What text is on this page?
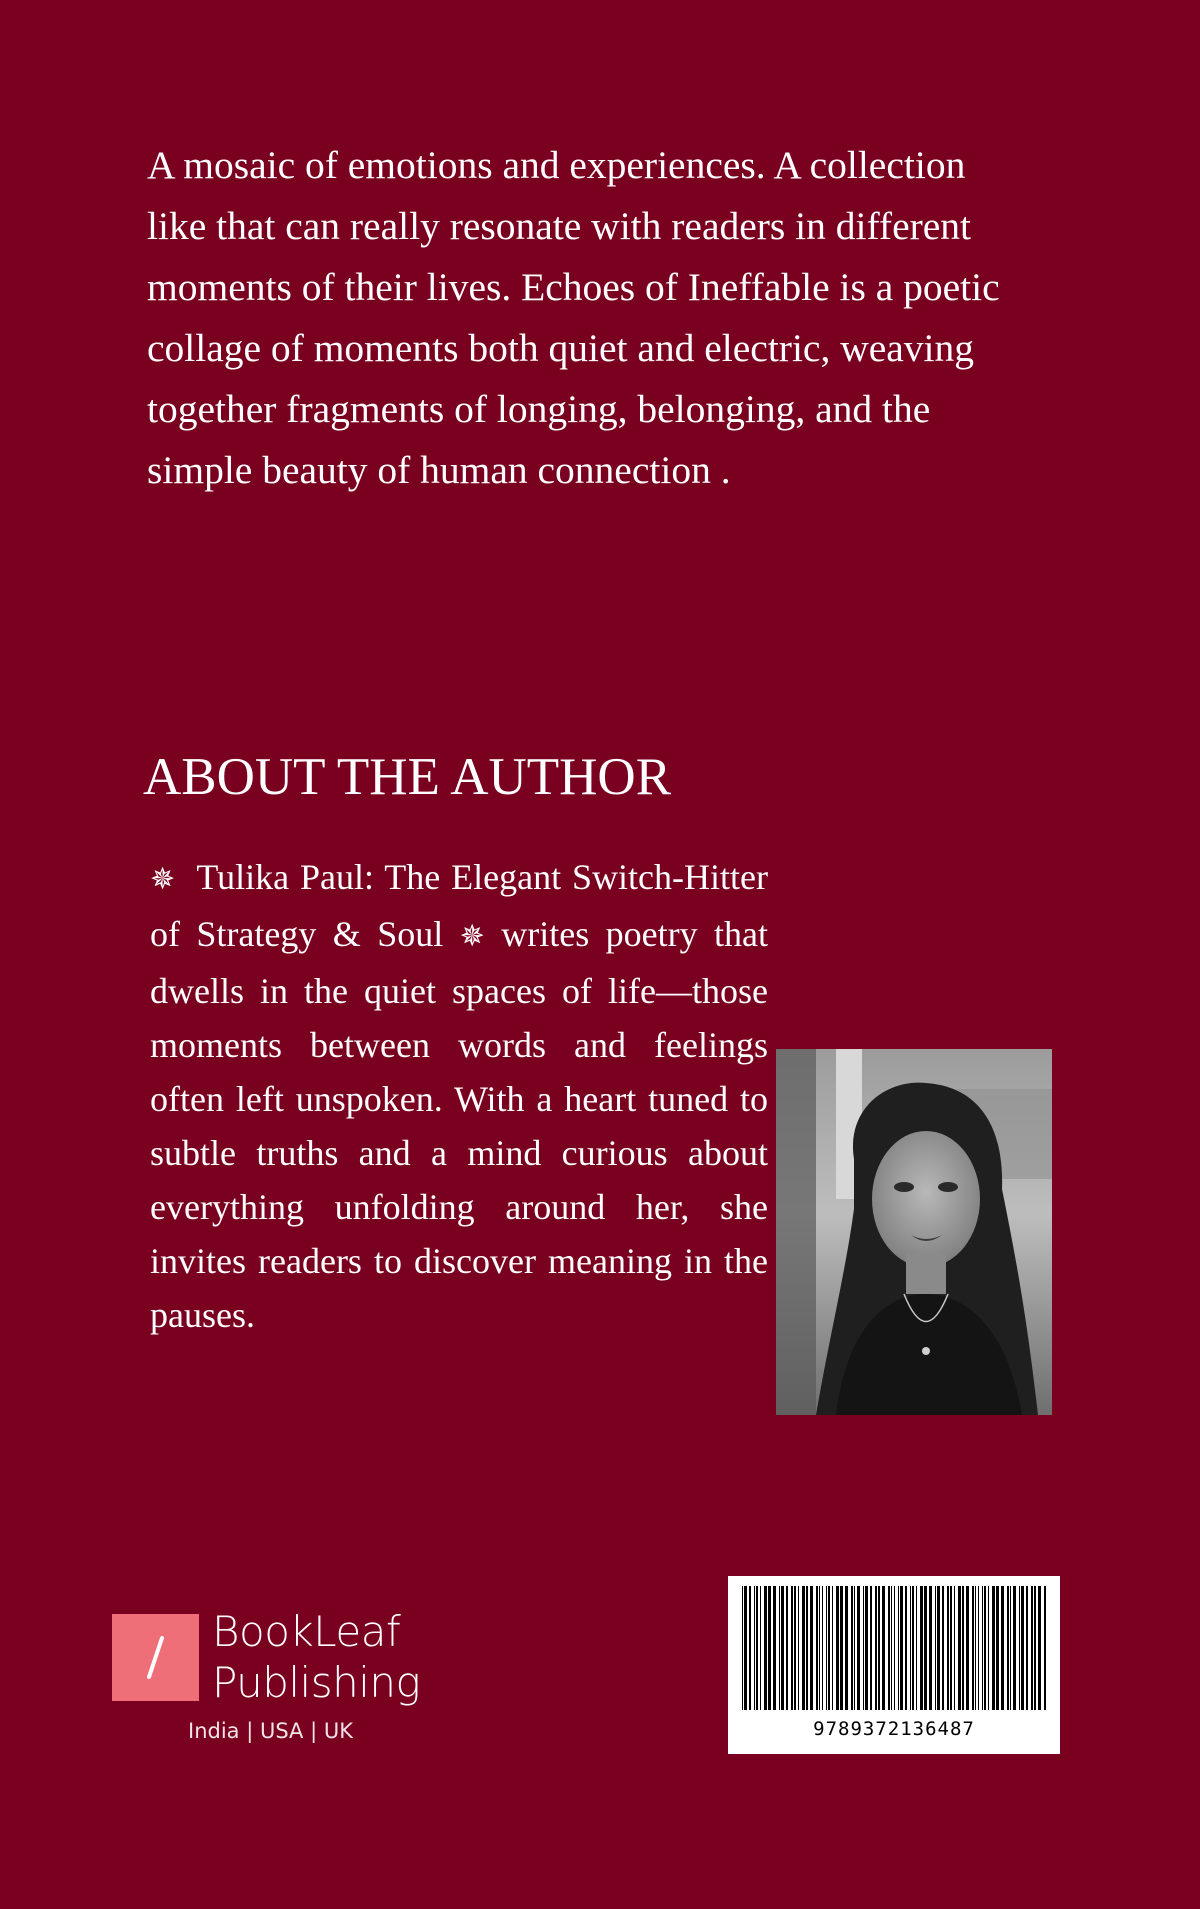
A mosaic of emotions and experiences. A collection like that can really resonate with readers in different moments of their lives. Echoes of Ineffable is a poetic collage of moments both quiet and electric, weaving together fragments of longing, belonging, and the simple beauty of human connection .

ABOUT THE AUTHOR

✵ Tulika Paul: The Elegant Switch-Hitter of Strategy & Soul ✵ writes poetry that dwells in the quiet spaces of life—those moments between words and feelings often left unspoken. With a heart tuned to subtle truths and a mind curious about everything unfolding around her, she invites readers to discover meaning in the pauses.

BookLeaf
Publishing
India | USA | UK	9789372136487
